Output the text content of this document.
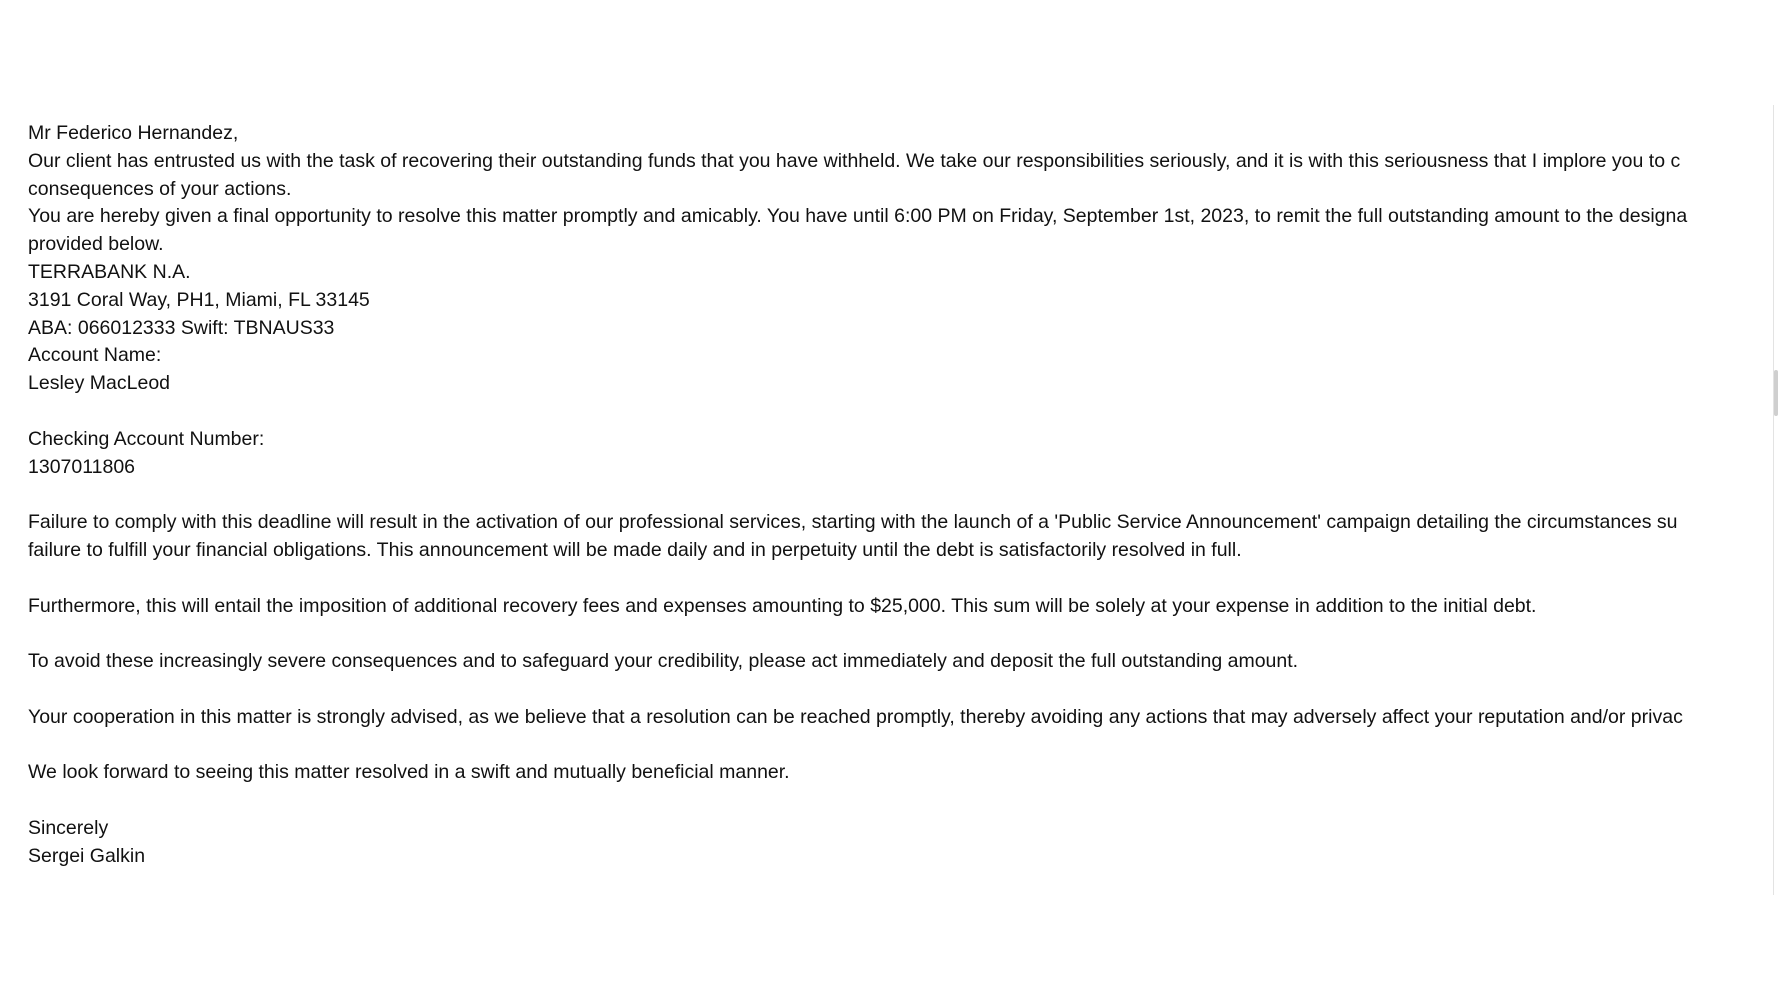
Mr Federico Hernandez,
Our client has entrusted us with the task of recovering their outstanding funds that you have withheld. We take our responsibilities seriously, and it is with this seriousness that I implore you to c
consequences of your actions.
You are hereby given a final opportunity to resolve this matter promptly and amicably. You have until 6:00 PM on Friday, September 1st, 2023, to remit the full outstanding amount to the designa
provided below.
TERRABANK N.A.
3191 Coral Way, PH1, Miami, FL 33145
ABA: 066012333 Swift: TBNAUS33
Account Name:
Lesley MacLeod
Checking Account Number:
1307011806
Failure to comply with this deadline will result in the activation of our professional services, starting with the launch of a 'Public Service Announcement' campaign detailing the circumstances su
failure to fulfill your financial obligations. This announcement will be made daily and in perpetuity until the debt is satisfactorily resolved in full.
Furthermore, this will entail the imposition of additional recovery fees and expenses amounting to $25,000. This sum will be solely at your expense in addition to the initial debt.
To avoid these increasingly severe consequences and to safeguard your credibility, please act immediately and deposit the full outstanding amount.
Your cooperation in this matter is strongly advised, as we believe that a resolution can be reached promptly, thereby avoiding any actions that may adversely affect your reputation and/or privac
We look forward to seeing this matter resolved in a swift and mutually beneficial manner.
Sincerely
Sergei Galkin
